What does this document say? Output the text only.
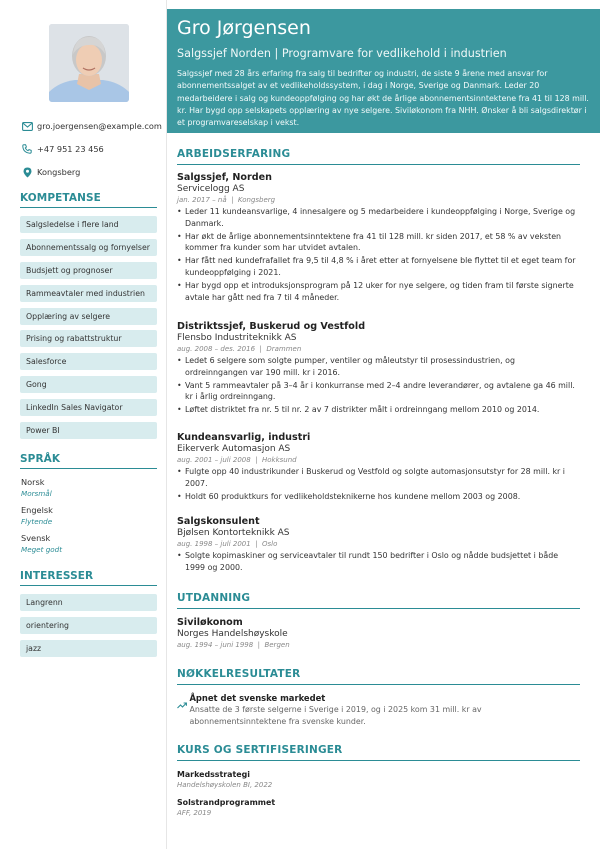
gro.joergensen@example.com
+47 951 23 456
Kongsberg
KOMPETANSE
Salgsledelse i flere land
Abonnementssalg og fornyelser
Budsjett og prognoser
Rammeavtaler med industrien
Opplæring av selgere
Prising og rabattstruktur
Salesforce
Gong
LinkedIn Sales Navigator
Power BI
SPRÅK
Norsk
Morsmål
Engelsk
Flytende
Svensk
Meget godt
INTERESSER
Langrenn
orientering
jazz
Gro Jørgensen
Salgssjef Norden | Programvare for vedlikehold i industrien
Salgssjef med 28 års erfaring fra salg til bedrifter og industri, de siste 9 årene med ansvar for abonnementssalget av et vedlikeholdssystem, i dag i Norge, Sverige og Danmark. Leder 20 medarbeidere i salg og kundeoppfølging og har økt de årlige abonnementsinntektene fra 41 til 128 mill. kr. Har bygd opp selskapets opplæring av nye selgere. Siviløkonom fra NHH. Ønsker å bli salgsdirektør i et programvareselskap i vekst.
ARBEIDSERFARING
Salgssjef, Norden
Servicelogg AS
jan. 2017 – nå  |  Kongsberg
• Leder 11 kundeansvarlige, 4 innesalgere og 5 medarbeidere i kundeoppfølging i Norge, Sverige og Danmark.
• Har økt de årlige abonnementsinntektene fra 41 til 128 mill. kr siden 2017, et 58 % av veksten kommer fra kunder som har utvidet avtalen.
• Har fått ned kundefrafallet fra 9,5 til 4,8 % i året etter at fornyelsene ble flyttet til et eget team for kundeoppfølging i 2021.
• Har bygd opp et introduksjonsprogram på 12 uker for nye selgere, og tiden fram til første signerte avtale har gått ned fra 7 til 4 måneder.
Distriktssjef, Buskerud og Vestfold
Flensbo Industriteknikk AS
aug. 2008 – des. 2016  |  Drammen
• Ledet 6 selgere som solgte pumper, ventiler og måleutstyr til prosessindustrien, og ordreinngangen var 190 mill. kr i 2016.
• Vant 5 rammeavtaler på 3–4 år i konkurranse med 2–4 andre leverandører, og avtalene ga 46 mill. kr i årlig ordreinngang.
• Løftet distriktet fra nr. 5 til nr. 2 av 7 distrikter målt i ordreinngang mellom 2010 og 2014.
Kundeansvarlig, industri
Eikerverk Automasjon AS
aug. 2001 – juli 2008  |  Hokksund
• Fulgte opp 40 industrikunder i Buskerud og Vestfold og solgte automasjonsutstyr for 28 mill. kr i 2007.
• Holdt 60 produktkurs for vedlikeholdsteknikerne hos kundene mellom 2003 og 2008.
Salgskonsulent
Bjølsen Kontorteknikk AS
aug. 1998 – juli 2001  |  Oslo
• Solgte kopimaskiner og serviceavtaler til rundt 150 bedrifter i Oslo og nådde budsjettet i både 1999 og 2000.
UTDANNING
Siviløkonom
Norges Handelshøyskole
aug. 1994 – juni 1998  |  Bergen
NØKKELRESULTATER
Åpnet det svenske markedet
Ansatte de 3 første selgerne i Sverige i 2019, og i 2025 kom 31 mill. kr av abonnementsinntektene fra svenske kunder.
KURS OG SERTIFISERINGER
Markedsstrategi
Handelshøyskolen BI, 2022
Solstrandprogrammet
AFF, 2019
